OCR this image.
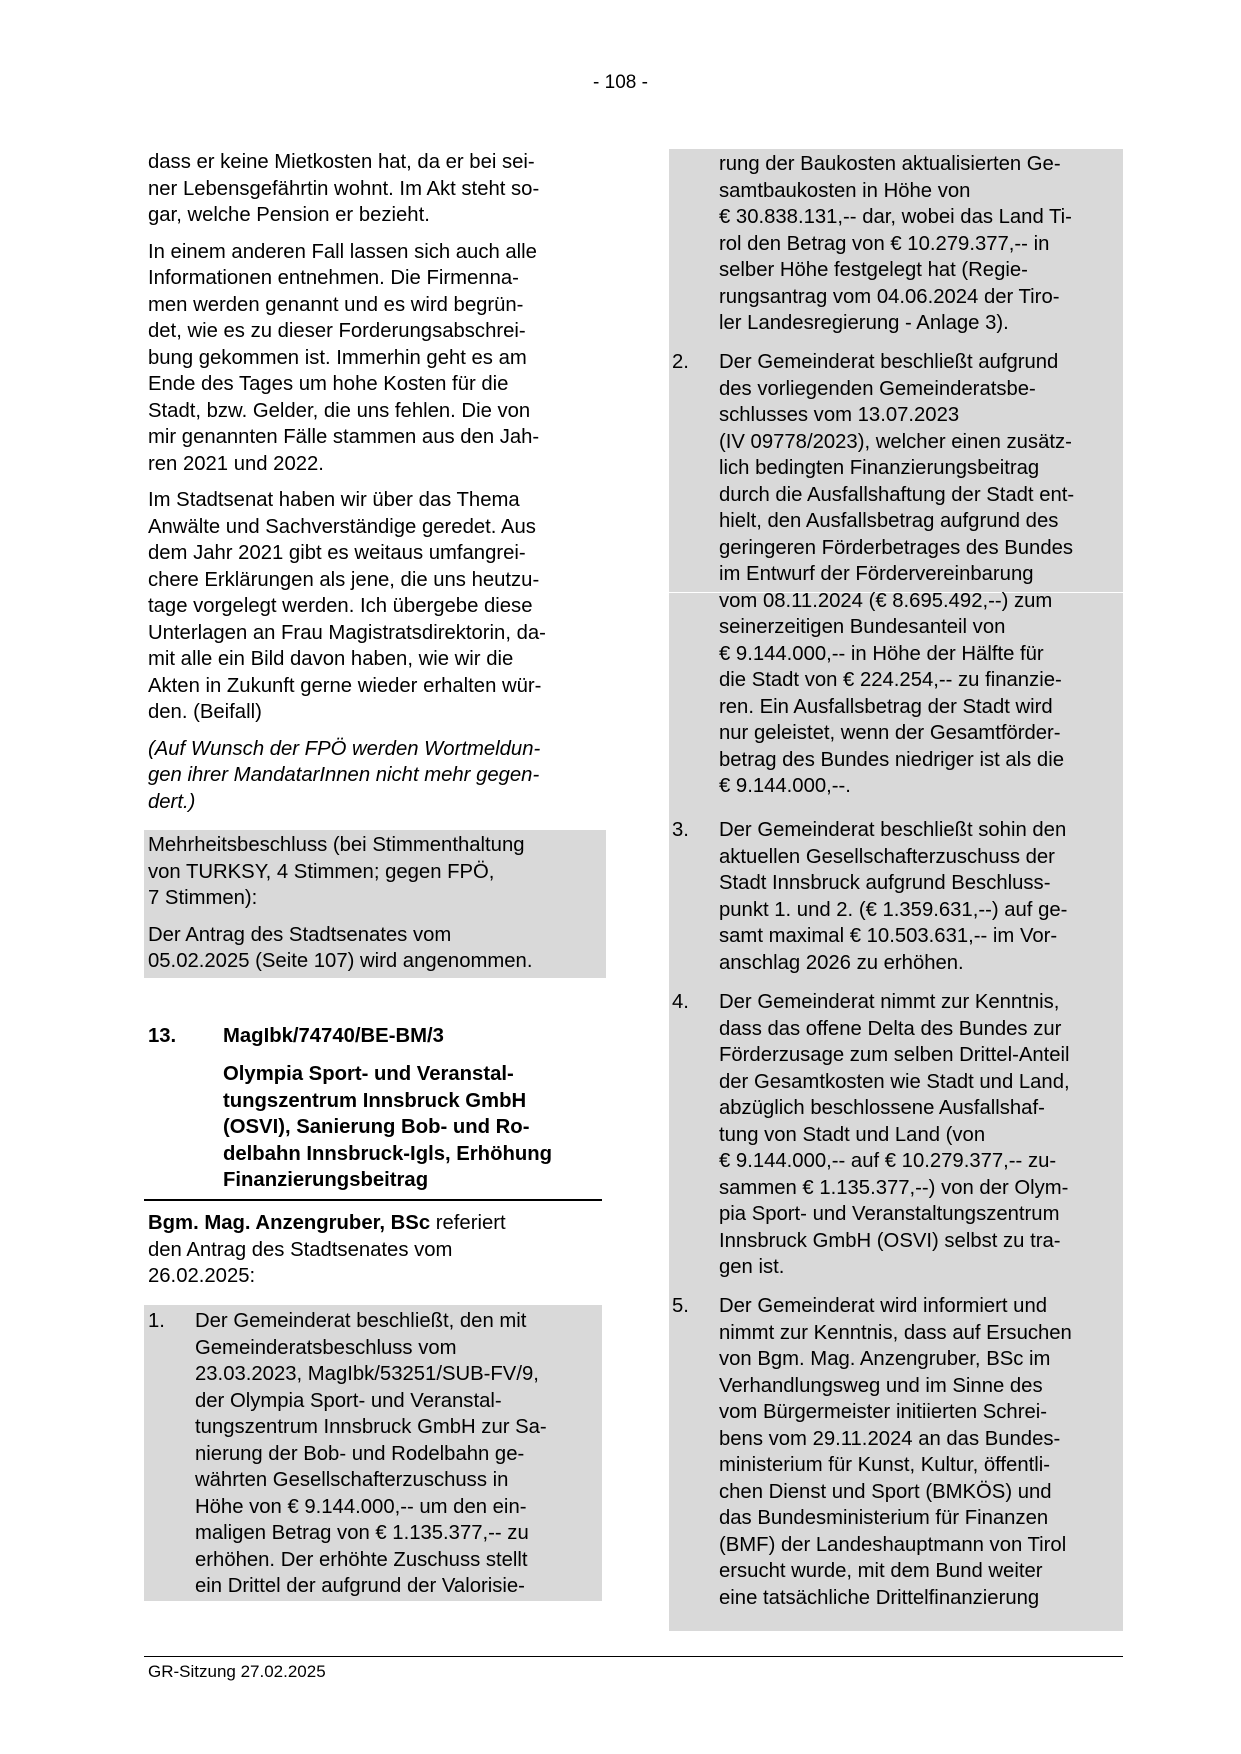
- 108 -
dass er keine Mietkosten hat, da er bei sei-
ner Lebensgefährtin wohnt. Im Akt steht so-
gar, welche Pension er bezieht.
In einem anderen Fall lassen sich auch alle
Informationen entnehmen. Die Firmenna-
men werden genannt und es wird begrün-
det, wie es zu dieser Forderungsabschrei-
bung gekommen ist. Immerhin geht es am
Ende des Tages um hohe Kosten für die
Stadt, bzw. Gelder, die uns fehlen. Die von
mir genannten Fälle stammen aus den Jah-
ren 2021 und 2022.
Im Stadtsenat haben wir über das Thema
Anwälte und Sachverständige geredet. Aus
dem Jahr 2021 gibt es weitaus umfangrei-
chere Erklärungen als jene, die uns heutzu-
tage vorgelegt werden. Ich übergebe diese
Unterlagen an Frau Magistratsdirektorin, da-
mit alle ein Bild davon haben, wie wir die
Akten in Zukunft gerne wieder erhalten wür-
den. (Beifall)
(Auf Wunsch der FPÖ werden Wortmeldun-
gen ihrer MandatarInnen nicht mehr gegen-
dert.)
Mehrheitsbeschluss (bei Stimmenthaltung
von TURKSY, 4 Stimmen; gegen FPÖ,
7 Stimmen):
Der Antrag des Stadtsenates vom
05.02.2025 (Seite 107) wird angenommen.
13. MagIbk/74740/BE-BM/3
Olympia Sport- und Veranstal-
tungszentrum Innsbruck GmbH
(OSVI), Sanierung Bob- und Ro-
delbahn Innsbruck-Igls, Erhöhung
Finanzierungsbeitrag
Bgm. Mag. Anzengruber, BSc referiert
den Antrag des Stadtsenates vom
26.02.2025:
1. Der Gemeinderat beschließt, den mit
Gemeinderatsbeschluss vom
23.03.2023, MagIbk/53251/SUB-FV/9,
der Olympia Sport- und Veranstal-
tungszentrum Innsbruck GmbH zur Sa-
nierung der Bob- und Rodelbahn ge-
währten Gesellschafterzuschuss in
Höhe von € 9.144.000,-- um den ein-
maligen Betrag von € 1.135.377,-- zu
erhöhen. Der erhöhte Zuschuss stellt
ein Drittel der aufgrund der Valorisie-
rung der Baukosten aktualisierten Ge-
samtbaukosten in Höhe von
€ 30.838.131,-- dar, wobei das Land Ti-
rol den Betrag von € 10.279.377,-- in
selber Höhe festgelegt hat (Regie-
rungsantrag vom 04.06.2024 der Tiro-
ler Landesregierung - Anlage 3).
2. Der Gemeinderat beschließt aufgrund
des vorliegenden Gemeinderatsbe-
schlusses vom 13.07.2023
(IV 09778/2023), welcher einen zusätz-
lich bedingten Finanzierungsbeitrag
durch die Ausfallshaftung der Stadt ent-
hielt, den Ausfallsbetrag aufgrund des
geringeren Förderbetrages des Bundes
im Entwurf der Fördervereinbarung
vom 08.11.2024 (€ 8.695.492,--) zum
seinerzeitigen Bundesanteil von
€ 9.144.000,-- in Höhe der Hälfte für
die Stadt von € 224.254,-- zu finanzie-
ren. Ein Ausfallsbetrag der Stadt wird
nur geleistet, wenn der Gesamtförder-
betrag des Bundes niedriger ist als die
€ 9.144.000,--.
3. Der Gemeinderat beschließt sohin den
aktuellen Gesellschafterzuschuss der
Stadt Innsbruck aufgrund Beschluss-
punkt 1. und 2. (€ 1.359.631,--) auf ge-
samt maximal € 10.503.631,-- im Vor-
anschlag 2026 zu erhöhen.
4. Der Gemeinderat nimmt zur Kenntnis,
dass das offene Delta des Bundes zur
Förderzusage zum selben Drittel-Anteil
der Gesamtkosten wie Stadt und Land,
abzüglich beschlossene Ausfallshaf-
tung von Stadt und Land (von
€ 9.144.000,-- auf € 10.279.377,-- zu-
sammen € 1.135.377,--) von der Olym-
pia Sport- und Veranstaltungszentrum
Innsbruck GmbH (OSVI) selbst zu tra-
gen ist.
5. Der Gemeinderat wird informiert und
nimmt zur Kenntnis, dass auf Ersuchen
von Bgm. Mag. Anzengruber, BSc im
Verhandlungsweg und im Sinne des
vom Bürgermeister initiierten Schrei-
bens vom 29.11.2024 an das Bundes-
ministerium für Kunst, Kultur, öffentli-
chen Dienst und Sport (BMKÖS) und
das Bundesministerium für Finanzen
(BMF) der Landeshauptmann von Tirol
ersucht wurde, mit dem Bund weiter
eine tatsächliche Drittelfinanzierung
GR-Sitzung 27.02.2025
